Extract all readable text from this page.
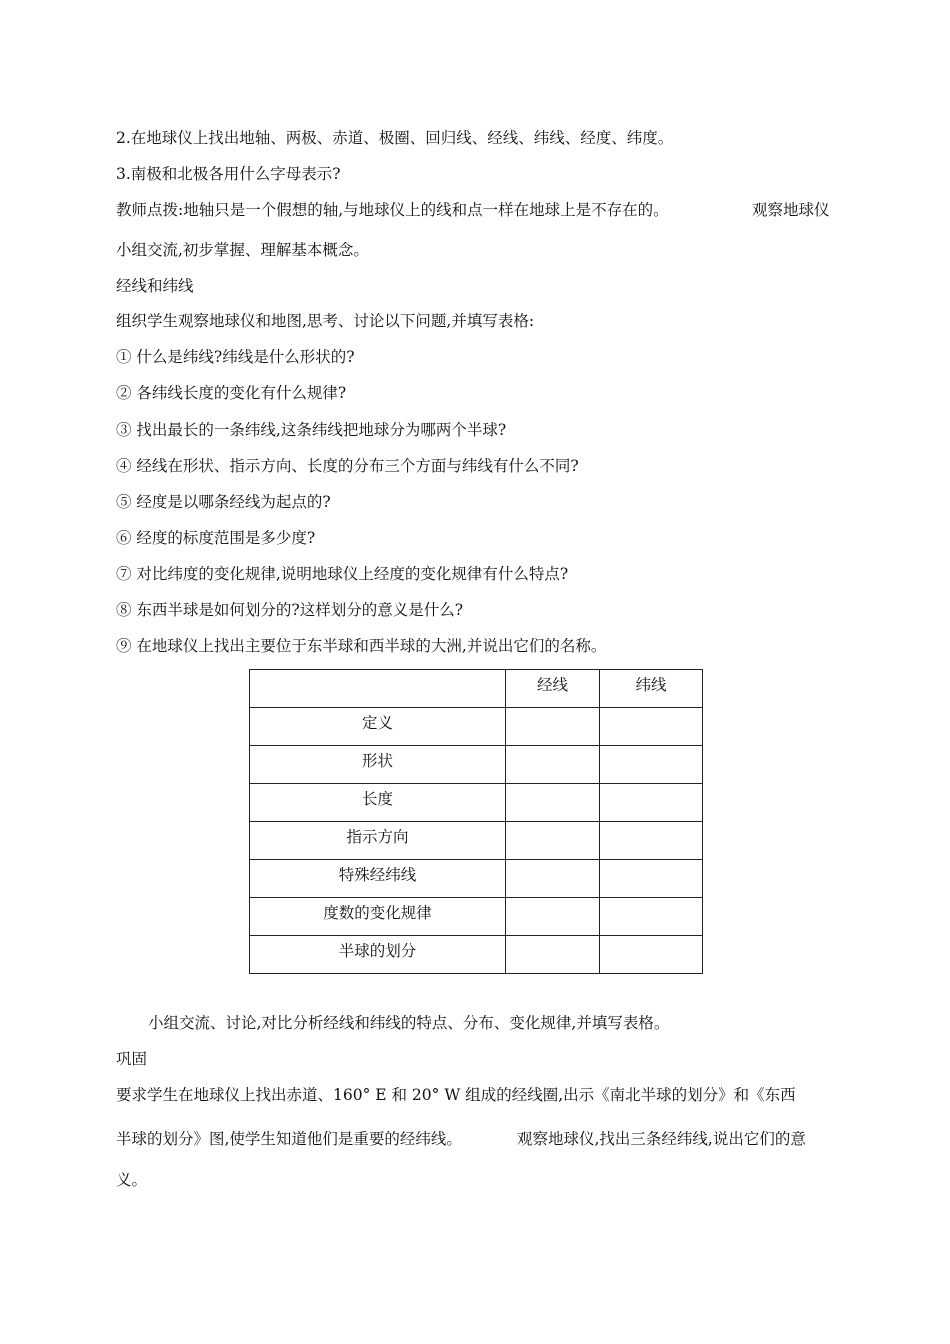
2.在地球仪上找出地轴、两极、赤道、极圈、回归线、经线、纬线、经度、纬度。
3.南极和北极各用什么字母表示?
教师点拨:地轴只是一个假想的轴,与地球仪上的线和点一样在地球上是不存在的。	观察地球仪
小组交流,初步掌握、理解基本概念。
经线和纬线
组织学生观察地球仪和地图,思考、讨论以下问题,并填写表格:
① 什么是纬线?纬线是什么形状的?
② 各纬线长度的变化有什么规律?
③ 找出最长的一条纬线,这条纬线把地球分为哪两个半球?
④ 经线在形状、指示方向、长度的分布三个方面与纬线有什么不同?
⑤ 经度是以哪条经线为起点的?
⑥ 经度的标度范围是多少度?
⑦ 对比纬度的变化规律,说明地球仪上经度的变化规律有什么特点?
⑧ 东西半球是如何划分的?这样划分的意义是什么?
⑨ 在地球仪上找出主要位于东半球和西半球的大洲,并说出它们的名称。
	经线	纬线
定义		
形状		
长度		
指示方向		
特殊经纬线		
度数的变化规律		
半球的划分		
小组交流、讨论,对比分析经线和纬线的特点、分布、变化规律,并填写表格。
巩固
要求学生在地球仪上找出赤道、160° E 和 20° W 组成的经线圈,出示《南北半球的划分》和《东西
半球的划分》图,使学生知道他们是重要的经纬线。	观察地球仪,找出三条经纬线,说出它们的意
义。
